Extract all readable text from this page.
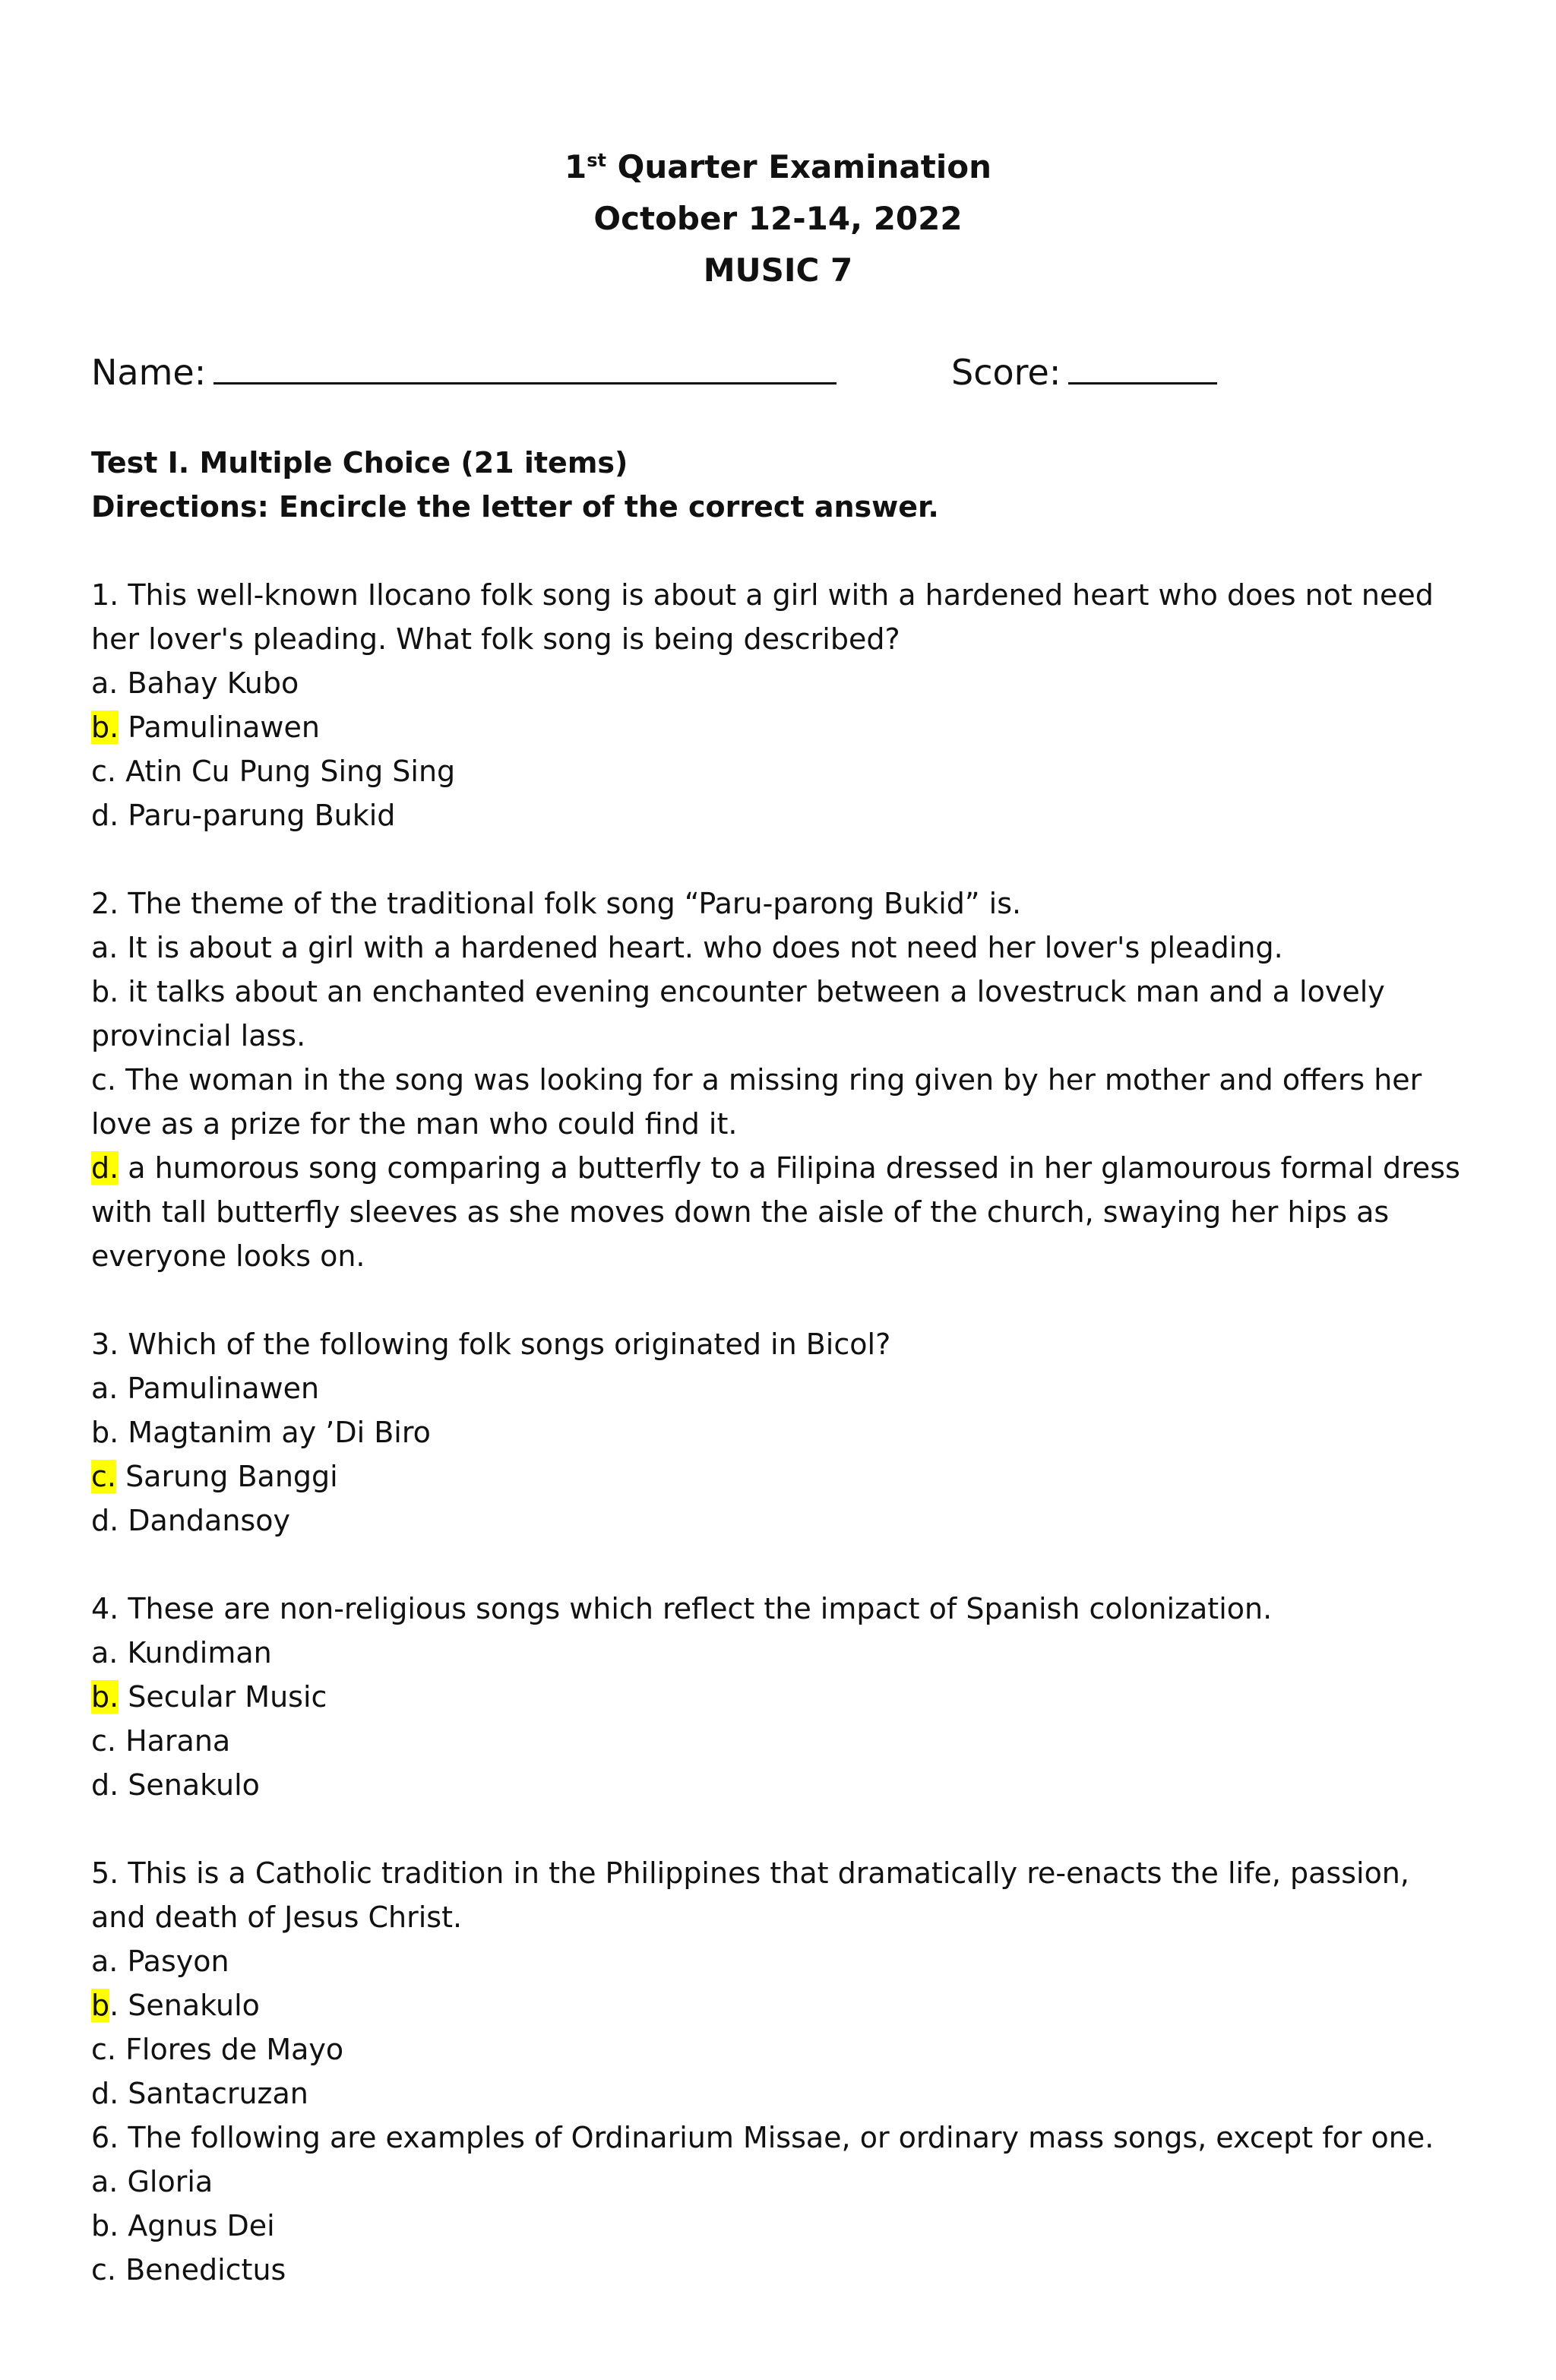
1st Quarter Examination
October 12-14, 2022
MUSIC 7
Name:	Score:

Test I. Multiple Choice (21 items)

Directions: Encircle the letter of the correct answer.

1. This well-known Ilocano folk song is about a girl with a hardened heart who does not need her lover's pleading. What folk song is being described?

a. Bahay Kubo

b. Pamulinawen

c. Atin Cu Pung Sing Sing

d. Paru-parung Bukid

2. The theme of the traditional folk song “Paru-parong Bukid” is.

a. It is about a girl with a hardened heart. who does not need her lover's pleading.

b. it talks about an enchanted evening encounter between a lovestruck man and a lovely provincial lass.

c. The woman in the song was looking for a missing ring given by her mother and offers her love as a prize for the man who could find it.

d. a humorous song comparing a butterfly to a Filipina dressed in her glamourous formal dress with tall butterfly sleeves as she moves down the aisle of the church, swaying her hips as everyone looks on.

3. Which of the following folk songs originated in Bicol?

a. Pamulinawen

b. Magtanim ay ’Di Biro

c. Sarung Banggi

d. Dandansoy

4. These are non-religious songs which reflect the impact of Spanish colonization.

a. Kundiman

b. Secular Music

c. Harana

d. Senakulo

5. This is a Catholic tradition in the Philippines that dramatically re-enacts the life, passion, and death of Jesus Christ.

a. Pasyon

b. Senakulo

c. Flores de Mayo

d. Santacruzan

6. The following are examples of Ordinarium Missae, or ordinary mass songs, except for one.

a. Gloria

b. Agnus Dei

c. Benedictus
